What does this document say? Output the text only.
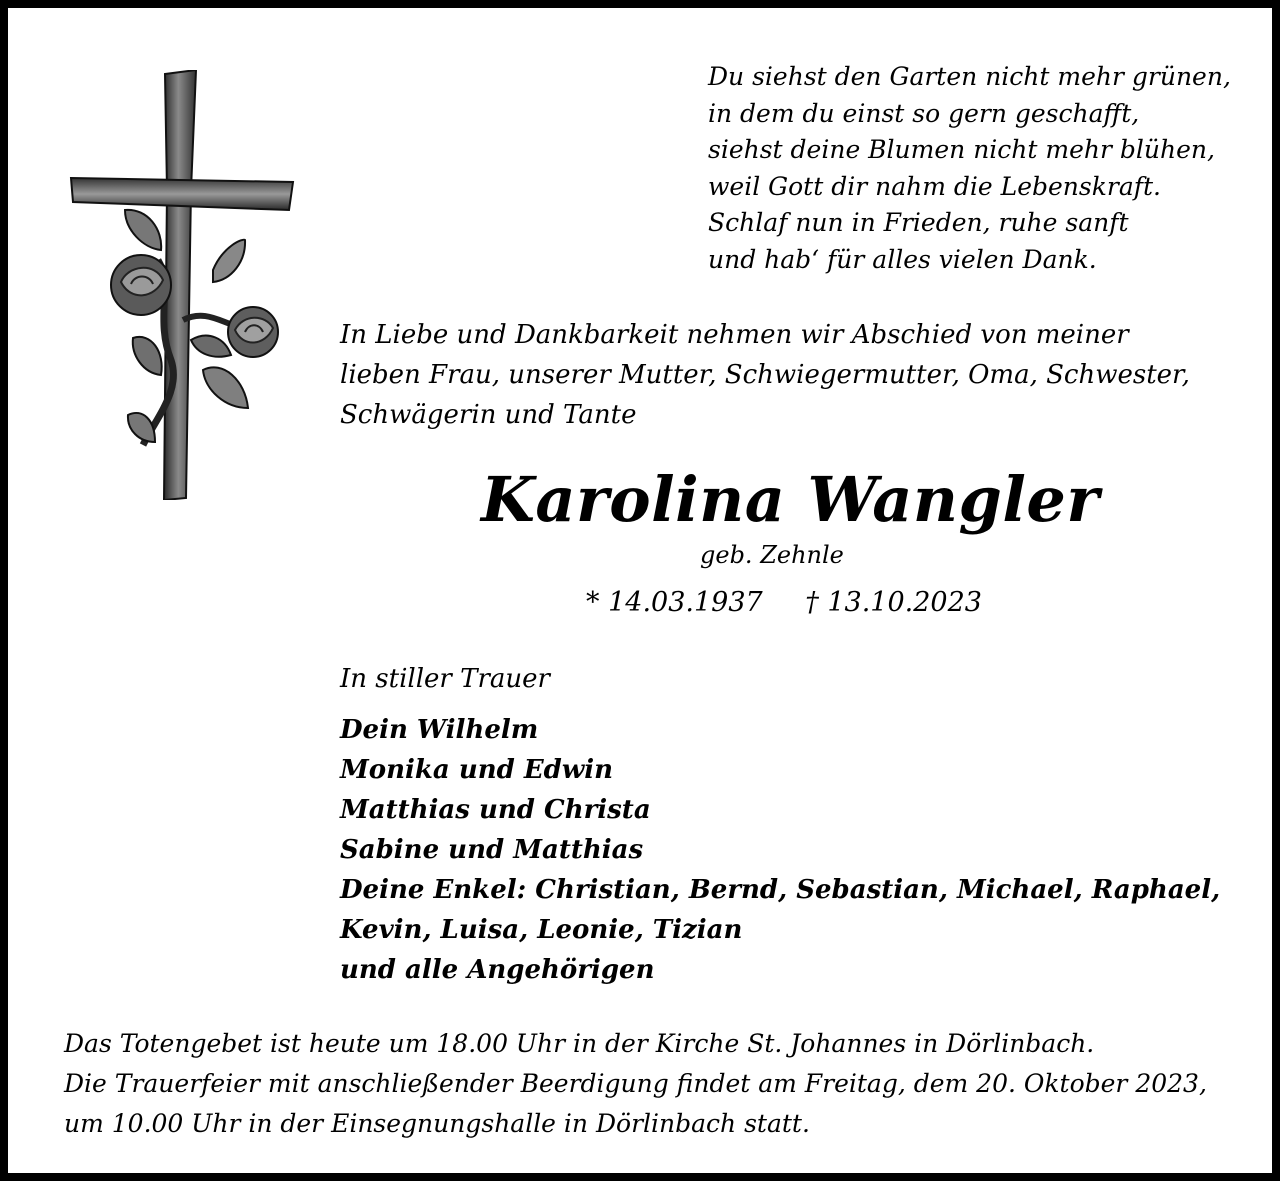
Du siehst den Garten nicht mehr grünen,
in dem du einst so gern geschafft,
siehst deine Blumen nicht mehr blühen,
weil Gott dir nahm die Lebenskraft.
Schlaf nun in Frieden, ruhe sanft
und hab‘ für alles vielen Dank.
In Liebe und Dankbarkeit nehmen wir Abschied von meiner
lieben Frau, unserer Mutter, Schwiegermutter, Oma, Schwester,
Schwägerin und Tante
Karolina Wangler
geb. Zehnle
* 14.03.1937 † 13.10.2023
In stiller Trauer
Dein Wilhelm
Monika und Edwin
Matthias und Christa
Sabine und Matthias
Deine Enkel: Christian, Bernd, Sebastian, Michael, Raphael,
Kevin, Luisa, Leonie, Tizian
und alle Angehörigen
Das Totengebet ist heute um 18.00 Uhr in der Kirche St. Johannes in Dörlinbach.
Die Trauerfeier mit anschließender Beerdigung findet am Freitag, dem 20. Oktober 2023,
um 10.00 Uhr in der Einsegnungshalle in Dörlinbach statt.
